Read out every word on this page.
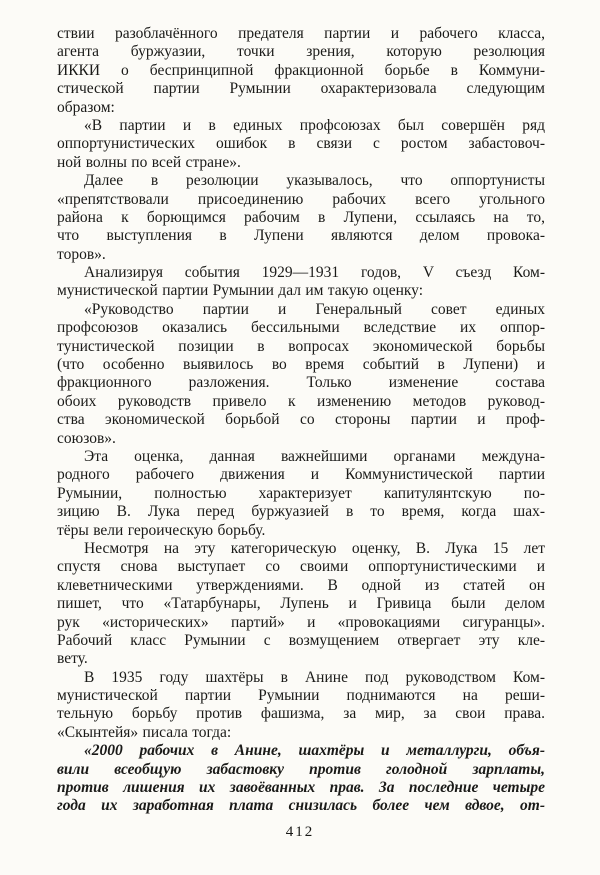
ствии разоблачённого предателя партии и рабочего класса,
агента буржуазии, точки зрения, которую резолюция
ИККИ о беспринципной фракционной борьбе в Коммуни-
стической партии Румынии охарактеризовала следующим
образом:
«В партии и в единых профсоюзах был совершён ряд
оппортунистических ошибок в связи с ростом забастовоч-
ной волны по всей стране».
Далее в резолюции указывалось, что оппортунисты
«препятствовали присоединению рабочих всего угольного
района к борющимся рабочим в Лупени, ссылаясь на то,
что выступления в Лупени являются делом провока-
торов».
Анализируя события 1929—1931 годов, V съезд Ком-
мунистической партии Румынии дал им такую оценку:
«Руководство партии и Генеральный совет единых
профсоюзов оказались бессильными вследствие их оппор-
тунистической позиции в вопросах экономической борьбы
(что особенно выявилось во время событий в Лупени) и
фракционного разложения. Только изменение состава
обоих руководств привело к изменению методов руковод-
ства экономической борьбой со стороны партии и проф-
союзов».
Эта оценка, данная важнейшими органами междуна-
родного рабочего движения и Коммунистической партии
Румынии, полностью характеризует капитулянтскую по-
зицию В. Лука перед буржуазией в то время, когда шах-
тёры вели героическую борьбу.
Несмотря на эту категорическую оценку, В. Лука 15 лет
спустя снова выступает со своими оппортунистическими и
клеветническими утверждениями. В одной из статей он
пишет, что «Татарбунары, Лупень и Гривица были делом
рук «исторических» партий» и «провокациями сигуранцы».
Рабочий класс Румынии с возмущением отвергает эту кле-
вету.
В 1935 году шахтёры в Анине под руководством Ком-
мунистической партии Румынии поднимаются на реши-
тельную борьбу против фашизма, за мир, за свои права.
«Скынтейя» писала тогда:
«2000 рабочих в Анине, шахтёры и металлурги, объя-
вили всеобщую забастовку против голодной зарплаты,
против лишения их завоёванных прав. За последние четыре
года их заработная плата снизилась более чем вдвое, от-
412
